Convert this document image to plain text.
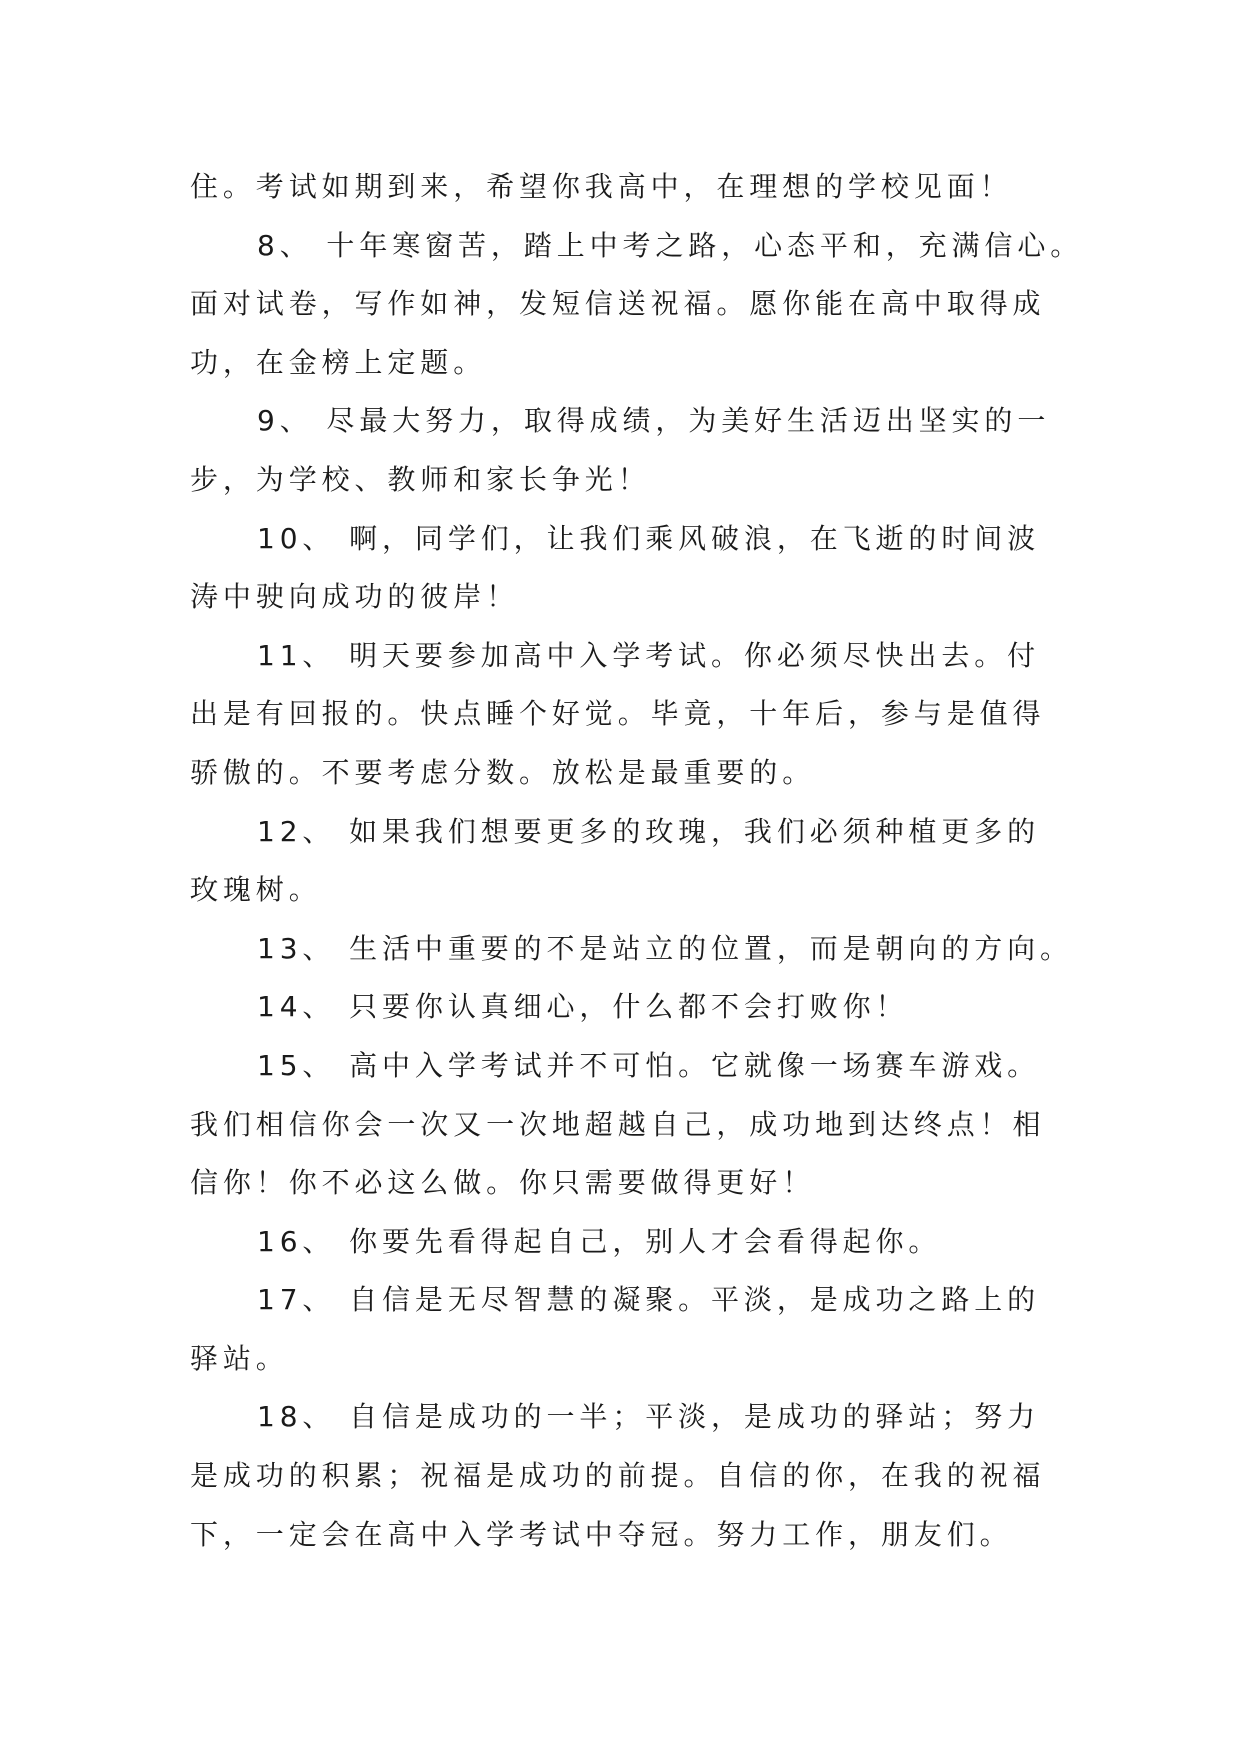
住。考试如期到来，希望你我高中，在理想的学校见面！
8、 十年寒窗苦，踏上中考之路，心态平和，充满信心。
面对试卷，写作如神，发短信送祝福。愿你能在高中取得成
功，在金榜上定题。
9、 尽最大努力，取得成绩，为美好生活迈出坚实的一
步，为学校、教师和家长争光！
10、 啊，同学们，让我们乘风破浪，在飞逝的时间波
涛中驶向成功的彼岸！
11、 明天要参加高中入学考试。你必须尽快出去。付
出是有回报的。快点睡个好觉。毕竟，十年后，参与是值得
骄傲的。不要考虑分数。放松是最重要的。
12、 如果我们想要更多的玫瑰，我们必须种植更多的
玫瑰树。
13、 生活中重要的不是站立的位置，而是朝向的方向。
14、 只要你认真细心，什么都不会打败你！
15、 高中入学考试并不可怕。它就像一场赛车游戏。
我们相信你会一次又一次地超越自己，成功地到达终点！相
信你！你不必这么做。你只需要做得更好！
16、 你要先看得起自己，别人才会看得起你。
17、 自信是无尽智慧的凝聚。平淡，是成功之路上的
驿站。
18、 自信是成功的一半；平淡，是成功的驿站；努力
是成功的积累；祝福是成功的前提。自信的你，在我的祝福
下，一定会在高中入学考试中夺冠。努力工作，朋友们。
